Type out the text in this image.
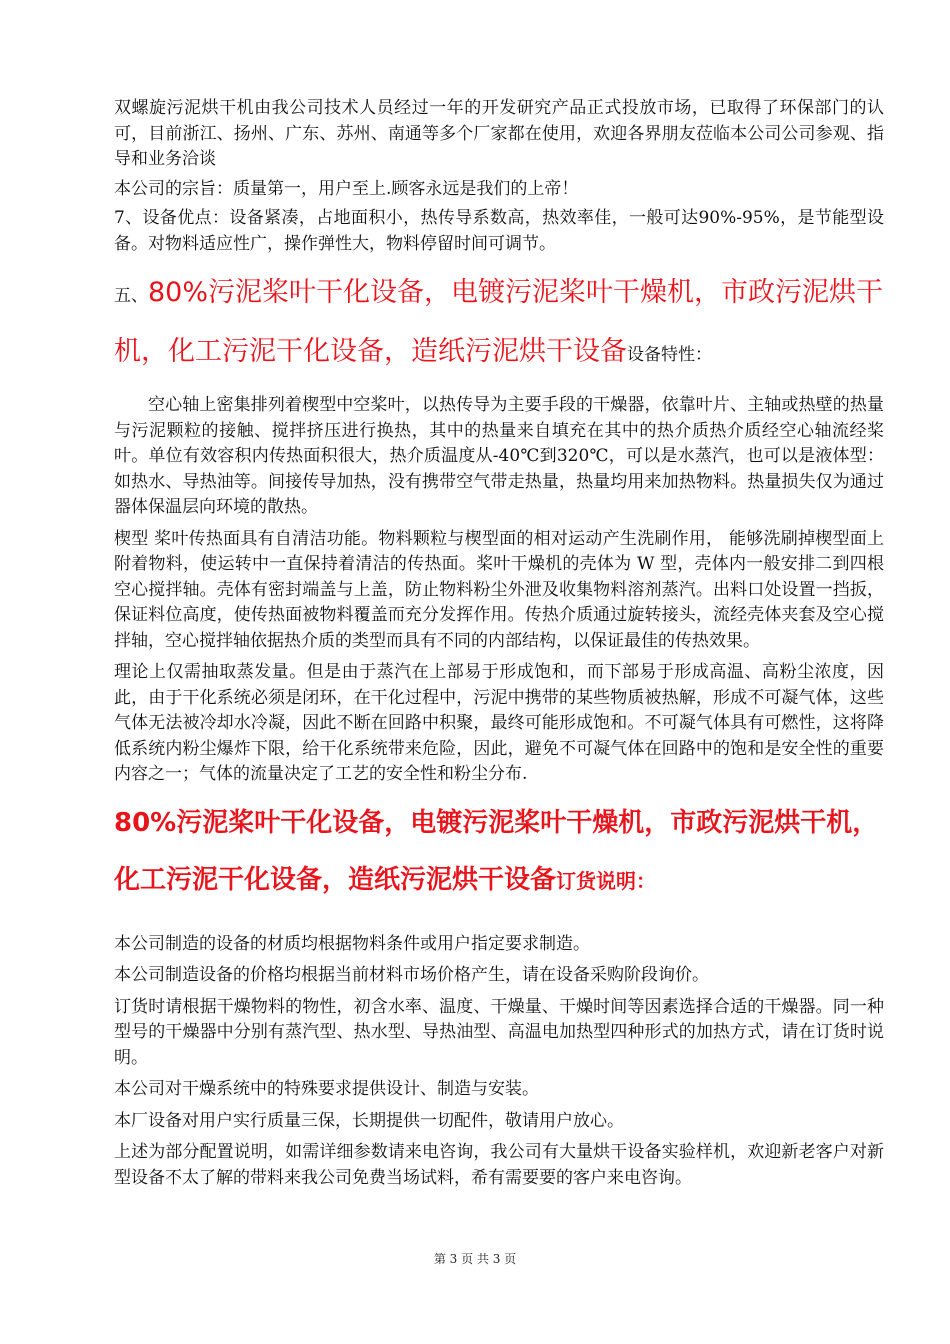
双螺旋污泥烘干机由我公司技术人员经过一年的开发研究产品正式投放市场，已取得了环保部门的认可，目前浙江、扬州、广东、苏州、南通等多个厂家都在使用，欢迎各界朋友莅临本公司公司参观、指导和业务洽谈

本公司的宗旨：质量第一，用户至上.顾客永远是我们的上帝！

7、设备优点：设备紧凑，占地面积小，热传导系数高，热效率佳，一般可达90%-95%，是节能型设备。对物料适应性广，操作弹性大，物料停留时间可调节。

五、80%污泥桨叶干化设备，电镀污泥桨叶干燥机，市政污泥烘干机，化工污泥干化设备，造纸污泥烘干设备设备特性：

空心轴上密集排列着楔型中空桨叶，以热传导为主要手段的干燥器，依靠叶片、主轴或热壁的热量与污泥颗粒的接触、搅拌挤压进行换热，其中的热量来自填充在其中的热介质热介质经空心轴流经桨叶。单位有效容积内传热面积很大，热介质温度从-40℃到320℃，可以是水蒸汽，也可以是液体型：如热水、导热油等。间接传导加热，没有携带空气带走热量，热量均用来加热物料。热量损失仅为通过器体保温层向环境的散热。

楔型 桨叶传热面具有自清洁功能。物料颗粒与楔型面的相对运动产生洗刷作用， 能够洗刷掉楔型面上附着物料，使运转中一直保持着清洁的传热面。桨叶干燥机的壳体为 W 型，壳体内一般安排二到四根空心搅拌轴。壳体有密封端盖与上盖，防止物料粉尘外泄及收集物料溶剂蒸汽。出料口处设置一挡扳，保证料位高度，使传热面被物料覆盖而充分发挥作用。传热介质通过旋转接头，流经壳体夹套及空心搅拌轴，空心搅拌轴依据热介质的类型而具有不同的内部结构，以保证最佳的传热效果。

理论上仅需抽取蒸发量。但是由于蒸汽在上部易于形成饱和，而下部易于形成高温、高粉尘浓度，因此，由于干化系统必须是闭环，在干化过程中，污泥中携带的某些物质被热解，形成不可凝气体，这些气体无法被冷却水冷凝，因此不断在回路中积聚，最终可能形成饱和。不可凝气体具有可燃性，这将降低系统内粉尘爆炸下限，给干化系统带来危险，因此，避免不可凝气体在回路中的饱和是安全性的重要内容之一；气体的流量决定了工艺的安全性和粉尘分布.

80%污泥桨叶干化设备，电镀污泥桨叶干燥机，市政污泥烘干机，化工污泥干化设备，造纸污泥烘干设备订货说明：

本公司制造的设备的材质均根据物料条件或用户指定要求制造。

本公司制造设备的价格均根据当前材料市场价格产生，请在设备采购阶段询价。

订货时请根据干燥物料的物性，初含水率、温度、干燥量、干燥时间等因素选择合适的干燥器。同一种型号的干燥器中分别有蒸汽型、热水型、导热油型、高温电加热型四种形式的加热方式，请在订货时说明。

本公司对干燥系统中的特殊要求提供设计、制造与安装。

本厂设备对用户实行质量三保，长期提供一切配件，敬请用户放心。

上述为部分配置说明，如需详细参数请来电咨询，我公司有大量烘干设备实验样机，欢迎新老客户对新型设备不太了解的带料来我公司免费当场试料，希有需要要的客户来电咨询。

第 3 页 共 3 页
